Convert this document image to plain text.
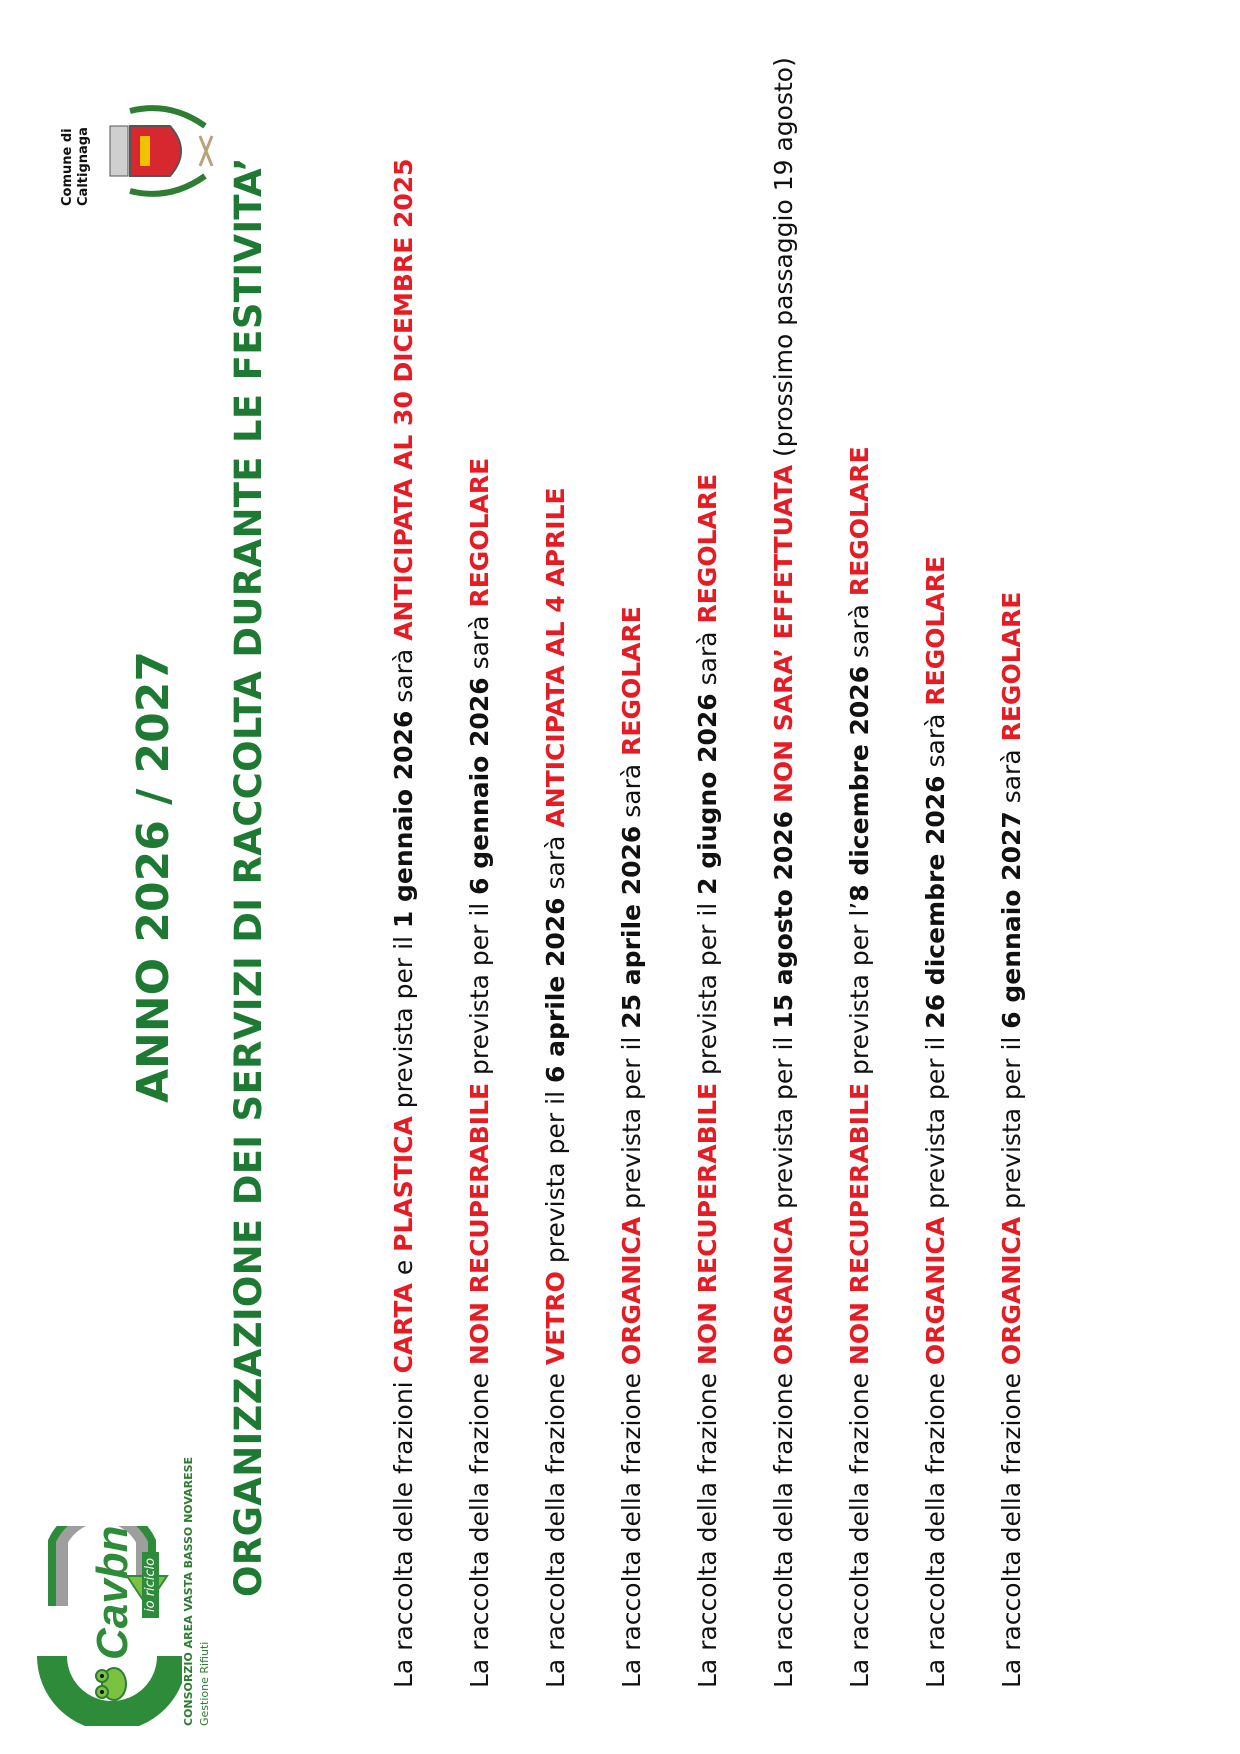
Cavbn io riciclo CONSORZIO AREA VASTA BASSO NOVARESE Gestione Rifiuti
Comune di Caltignaga
ANNO 2026 / 2027 ORGANIZZAZIONE DEI SERVIZI DI RACCOLTA DURANTE LE FESTIVITA’	La raccolta delle frazioni CARTA e PLASTICA prevista per il 1 gennaio 2026 sarà ANTICIPATA AL 30 DICEMBRE 2025
La raccolta della frazione NON RECUPERABILE prevista per il 6 gennaio 2026 sarà REGOLARE
La raccolta della frazione VETRO prevista per il 6 aprile 2026 sarà ANTICIPATA AL 4 APRILE
La raccolta della frazione ORGANICA prevista per il 25 aprile 2026 sarà REGOLARE
La raccolta della frazione NON RECUPERABILE prevista per il 2 giugno 2026 sarà REGOLARE
La raccolta della frazione ORGANICA prevista per il 15 agosto 2026 NON SARA’ EFFETTUATA (prossimo passaggio 19 agosto)
La raccolta della frazione NON RECUPERABILE prevista per l’8 dicembre 2026 sarà REGOLARE
La raccolta della frazione ORGANICA prevista per il 26 dicembre 2026 sarà REGOLARE
La raccolta della frazione ORGANICA prevista per il 6 gennaio 2027 sarà REGOLARE
